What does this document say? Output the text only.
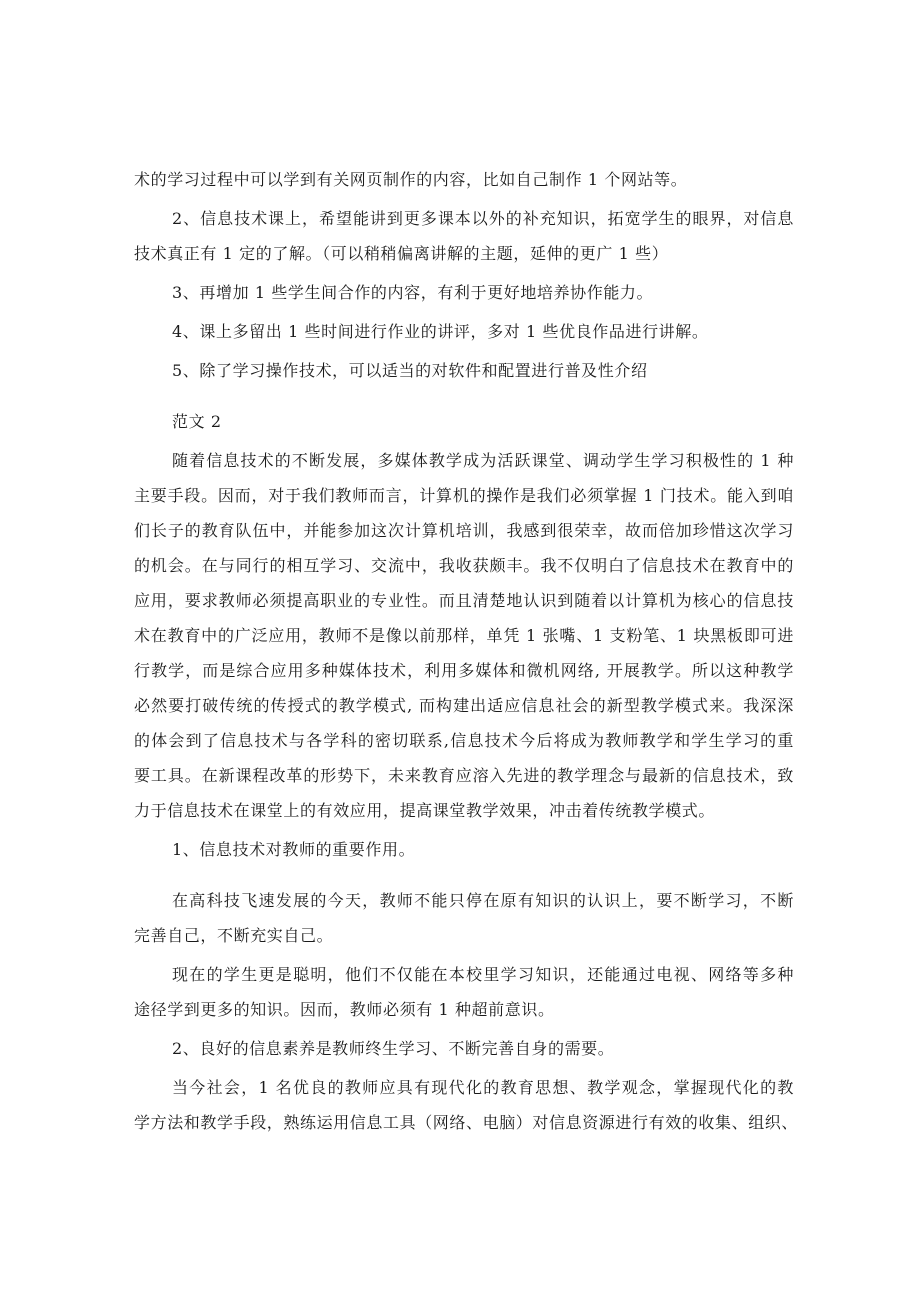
术的学习过程中可以学到有关网页制作的内容，比如自己制作 1 个网站等。
2、信息技术课上，希望能讲到更多课本以外的补充知识，拓宽学生的眼界，对信息
技术真正有 1 定的了解。（可以稍稍偏离讲解的主题，延伸的更广 1 些）
3、再增加 1 些学生间合作的内容，有利于更好地培养协作能力。
4、课上多留出 1 些时间进行作业的讲评，多对 1 些优良作品进行讲解。
5、除了学习操作技术，可以适当的对软件和配置进行普及性介绍
范文 2
随着信息技术的不断发展，多媒体教学成为活跃课堂、调动学生学习积极性的 1 种
主要手段。因而，对于我们教师而言，计算机的操作是我们必须掌握 1 门技术。能入到咱
们长子的教育队伍中，并能参加这次计算机培训，我感到很荣幸，故而倍加珍惜这次学习
的机会。在与同行的相互学习、交流中，我收获颇丰。我不仅明白了信息技术在教育中的
应用，要求教师必须提高职业的专业性。而且清楚地认识到随着以计算机为核心的信息技
术在教育中的广泛应用，教师不是像以前那样，单凭 1 张嘴、1 支粉笔、1 块黑板即可进
行教学，而是综合应用多种媒体技术，利用多媒体和微机网络, 开展教学。所以这种教学
必然要打破传统的传授式的教学模式, 而构建出适应信息社会的新型教学模式来。我深深
的体会到了信息技术与各学科的密切联系,信息技术今后将成为教师教学和学生学习的重
要工具。在新课程改革的形势下，未来教育应溶入先进的教学理念与最新的信息技术，致
力于信息技术在课堂上的有效应用，提高课堂教学效果，冲击着传统教学模式。
1、信息技术对教师的重要作用。
在高科技飞速发展的今天，教师不能只停在原有知识的认识上，要不断学习，不断
完善自己，不断充实自己。
现在的学生更是聪明，他们不仅能在本校里学习知识，还能通过电视、网络等多种
途径学到更多的知识。因而，教师必须有 1 种超前意识。
2、良好的信息素养是教师终生学习、不断完善自身的需要。
当今社会，1 名优良的教师应具有现代化的教育思想、教学观念，掌握现代化的教
学方法和教学手段，熟练运用信息工具（网络、电脑）对信息资源进行有效的收集、组织、
